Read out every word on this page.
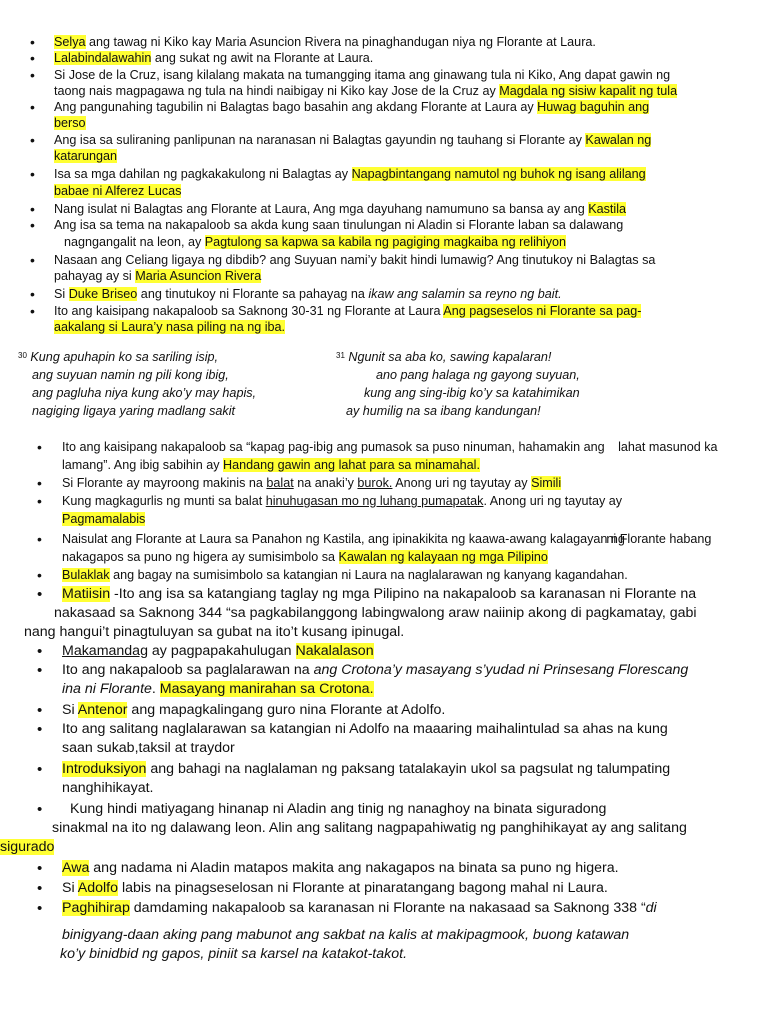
• Selya ang tawag ni Kiko kay Maria Asuncion Rivera na pinaghandugan niya ng Florante at Laura.
• Lalabindalawahin ang sukat ng awit na Florante at Laura.
• Si Jose de la Cruz, isang kilalang makata na tumangging itama ang ginawang tula ni Kiko, Ang dapat gawin ng
taong nais magpagawa ng tula na hindi naibigay ni Kiko kay Jose de la Cruz ay Magdala ng sisiw kapalit ng tula
• Ang pangunahing tagubilin ni Balagtas bago basahin ang akdang Florante at Laura ay Huwag baguhin ang
berso
• Ang isa sa suliraning panlipunan na naranasan ni Balagtas gayundin ng tauhang si Florante ay Kawalan ng
katarungan
• Isa sa mga dahilan ng pagkakakulong ni Balagtas ay Napagbintangang namutol ng buhok ng isang alilang
babae ni Alferez Lucas
• Nang isulat ni Balagtas ang Florante at Laura, Ang mga dayuhang namumuno sa bansa ay ang Kastila
• Ang isa sa tema na nakapaloob sa akda kung saan tinulungan ni Aladin si Florante laban sa dalawang
nagngangalit na leon, ay Pagtulong sa kapwa sa kabila ng pagiging magkaiba ng relihiyon
• Nasaan ang Celiang ligaya ng dibdib? ang Suyuan nami’y bakit hindi lumawig? Ang tinutukoy ni Balagtas sa
pahayag ay si Maria Asuncion Rivera
• Si Duke Briseo ang tinutukoy ni Florante sa pahayag na ikaw ang salamin sa reyno ng bait.
• Ito ang kaisipang nakapaloob sa Saknong 30-31 ng Florante at Laura Ang pagseselos ni Florante sa pag-
aakalang si Laura’y nasa piling na ng iba.
$^{30}$ Kung apuhapin ko sa sariling isip,
ang suyuan namin ng pili kong ibig,
ang pagluha niya kung ako’y may hapis,
nagiging ligaya yaring madlang sakit
$^{31}$ Ngunit sa aba ko, sawing kapalaran!
ano pang halaga ng gayong suyuan,
kung ang sing-ibig ko’y sa katahimikan
ay humilig na sa ibang kandungan!
• Ito ang kaisipang nakapaloob sa “kapag pag-ibig ang pumasok sa puso ninuman, hahamakin ang lahat masunod ka lamang”. Ang ibig sabihin ay Handang gawin ang lahat para sa minamahal.
• Si Florante ay mayroong makinis na balat na anaki’y burok. Anong uri ng tayutay ay Simili
• Kung magkagurlis ng munti sa balat hinuhugasan mo ng luhang pumapatak. Anong uri ng tayutay ay
Pagmamalabis
• Naisulat ang Florante at Laura sa Panahon ng Kastila, ang ipinakikita ng kaawa-awang kalagayan ng ni Florante habang nakagapos sa puno ng higera ay sumisimbolo sa Kawalan ng kalayaan ng mga Pilipino
• Bulaklak ang bagay na sumisimbolo sa katangian ni Laura na naglalarawan ng kanyang kagandahan.
• Matiisin -Ito ang isa sa katangiang taglay ng mga Pilipino na nakapaloob sa karanasan ni Florante na
nakasaad sa Saknong 344 “sa pagkabilanggong labingwalong araw naiinip akong di pagkamatay, gabi
nang hangui’t pinagtuluyan sa gubat na ito’t kusang ipinugal.
• Makamandag ay pagpapakahulugan Nakalalason
• Ito ang nakapaloob sa paglalarawan na ang Crotona’y masayang s’yudad ni Prinsesang Florescang
ina ni Florante. Masayang manirahan sa Crotona.
• Si Antenor ang mapagkalingang guro nina Florante at Adolfo.
• Ito ang salitang naglalarawan sa katangian ni Adolfo na maaaring maihalintulad sa ahas na kung
saan sukab,taksil at traydor
• Introduksiyon ang bahagi na naglalaman ng paksang tatalakayin ukol sa pagsulat ng talumpating
nanghihikayat.
• Kung hindi matiyagang hinanap ni Aladin ang tinig ng nanaghoy na binata siguradong
sinakmal na ito ng dalawang leon. Alin ang salitang nagpapahiwatig ng panghihikayat ay ang salitang
sigurado
• Awa ang nadama ni Aladin matapos makita ang nakagapos na binata sa puno ng higera.
• Si Adolfo labis na pinagseselosan ni Florante at pinaratangang bagong mahal ni Laura.
• Paghihirap damdaming nakapaloob sa karanasan ni Florante na nakasaad sa Saknong 338 “di
binigyang-daan aking pang mabunot ang sakbat na kalis at makipagmook, buong katawan
ko’y binidbid ng gapos, piniit sa karsel na katakot-takot.
